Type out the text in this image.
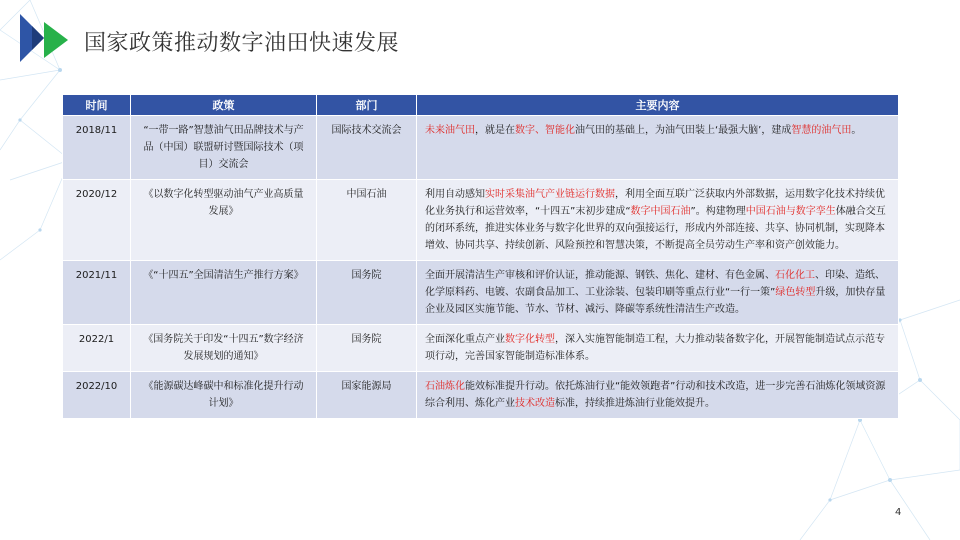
国家政策推动数字油田快速发展
时间	政策	部门	主要内容
2018/11	“一带一路”智慧油气田品牌技术与产品（中国）联盟研讨暨国际技术（项目）交流会	国际技术交流会	未来油气田，就是在数字、智能化油气田的基础上，为油气田装上‘最强大脑’，建成智慧的油气田。
2020/12	《以数字化转型驱动油气产业高质量发展》	中国石油	利用自动感知实时采集油气产业链运行数据，利用全面互联广泛获取内外部数据，运用数字化技术持续优化业务执行和运营效率，“十四五”末初步建成“数字中国石油”。构建物理中国石油与数字孪生体融合交互的闭环系统，推进实体业务与数字化世界的双向强接运行，形成内外部连接、共享、协同机制，实现降本增效、协同共享、持续创新、风险预控和智慧决策，不断提高全员劳动生产率和资产创效能力。
2021/11	《“十四五”全国清洁生产推行方案》	国务院	全面开展清洁生产审核和评价认证，推动能源、钢铁、焦化、建材、有色金属、石化化工、印染、造纸、化学原料药、电镀、农副食品加工、工业涂装、包装印刷等重点行业“一行一策”绿色转型升级，加快存量企业及园区实施节能、节水、节材、减污、降碳等系统性清洁生产改造。
2022/1	《国务院关于印发“十四五”数字经济发展规划的通知》	国务院	全面深化重点产业数字化转型，深入实施智能制造工程，大力推动装备数字化，开展智能制造试点示范专项行动，完善国家智能制造标准体系。
2022/10	《能源碳达峰碳中和标准化提升行动计划》	国家能源局	石油炼化能效标准提升行动。依托炼油行业“能效领跑者”行动和技术改造，进一步完善石油炼化领域资源综合利用、炼化产业技术改造标准，持续推进炼油行业能效提升。
4
